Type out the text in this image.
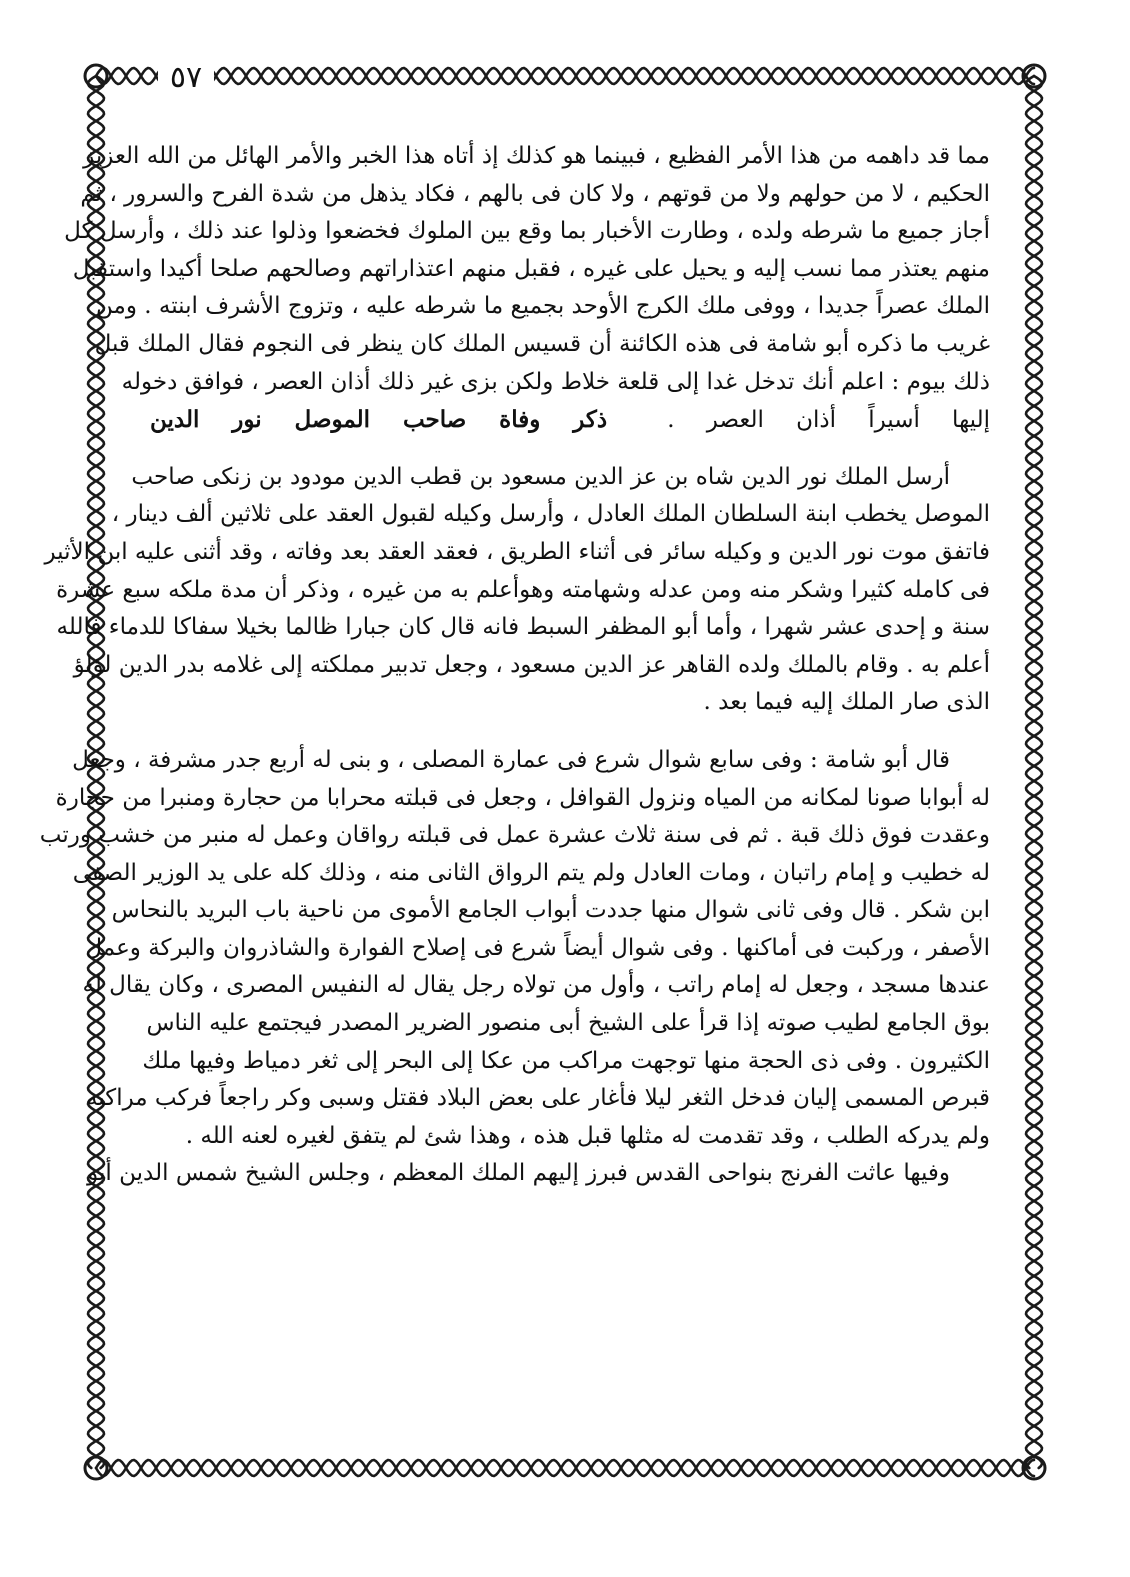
٥٧
مما قد داهمه من هذا الأمر الفظيع ، فبينما هو كذلك إذ أتاه هذا الخبر والأمر الهائل من الله العزيز
الحكيم ، لا من حولهم ولا من قوتهم ، ولا كان فى بالهم ، فكاد يذهل من شدة الفرح والسرور ، ثم
أجاز جميع ما شرطه ولده ، وطارت الأخبار بما وقع بين الملوك فخضعوا وذلوا عند ذلك ، وأرسل كل
منهم يعتذر مما نسب إليه و يحيل على غيره ، فقبل منهم اعتذاراتهم وصالحهم صلحا أكيدا واستقبل
الملك عصراً جديدا ، ووفى ملك الكرج الأوحد بجميع ما شرطه عليه ، وتزوج الأشرف ابنته . ومن
غريب ما ذكره أبو شامة فى هذه الكائنة أن قسيس الملك كان ينظر فى النجوم فقال الملك قبل
ذلك بيوم : اعلم أنك تدخل غدا إلى قلعة خلاط ولكن بزى غير ذلك أذان العصر ، فوافق دخوله
إليها أسيراً أذان العصر . ذكر وفاة صاحب الموصل نور الدين
أرسل الملك نور الدين شاه بن عز الدين مسعود بن قطب الدين مودود بن زنكى صاحب
الموصل يخطب ابنة السلطان الملك العادل ، وأرسل وكيله لقبول العقد على ثلاثين ألف دينار ،
فاتفق موت نور الدين و وكيله سائر فى أثناء الطريق ، فعقد العقد بعد وفاته ، وقد أثنى عليه ابن الأثير
فى كامله كثيرا وشكر منه ومن عدله وشهامته وهوأعلم به من غيره ، وذكر أن مدة ملكه سبع عشرة
سنة و إحدى عشر شهرا ، وأما أبو المظفر السبط فانه قال كان جبارا ظالما بخيلا سفاكا للدماء فالله
أعلم به . وقام بالملك ولده القاهر عز الدين مسعود ، وجعل تدبير مملكته إلى غلامه بدر الدين لؤلؤ
الذى صار الملك إليه فيما بعد .
قال أبو شامة : وفى سابع شوال شرع فى عمارة المصلى ، و بنى له أربع جدر مشرفة ، وجعل
له أبوابا صونا لمكانه من المياه ونزول القوافل ، وجعل فى قبلته محرابا من حجارة ومنبرا من حجارة
وعقدت فوق ذلك قبة . ثم فى سنة ثلاث عشرة عمل فى قبلته رواقان وعمل له منبر من خشب ورتب
له خطيب و إمام راتبان ، ومات العادل ولم يتم الرواق الثانى منه ، وذلك كله على يد الوزير الصفى
ابن شكر . قال وفى ثانى شوال منها جددت أبواب الجامع الأموى من ناحية باب البريد بالنحاس
الأصفر ، وركبت فى أماكنها . وفى شوال أيضاً شرع فى إصلاح الفوارة والشاذروان والبركة وعمل
عندها مسجد ، وجعل له إمام راتب ، وأول من تولاه رجل يقال له النفيس المصرى ، وكان يقال له
بوق الجامع لطيب صوته إذا قرأ على الشيخ أبى منصور الضرير المصدر فيجتمع عليه الناس
الكثيرون . وفى ذى الحجة منها توجهت مراكب من عكا إلى البحر إلى ثغر دمياط وفيها ملك
قبرص المسمى إليان فدخل الثغر ليلا فأغار على بعض البلاد فقتل وسبى وكر راجعاً فركب مراكبه
ولم يدركه الطلب ، وقد تقدمت له مثلها قبل هذه ، وهذا شئ لم يتفق لغيره لعنه الله .
وفيها عاثت الفرنج بنواحى القدس فبرز إليهم الملك المعظم ، وجلس الشيخ شمس الدين أبو
